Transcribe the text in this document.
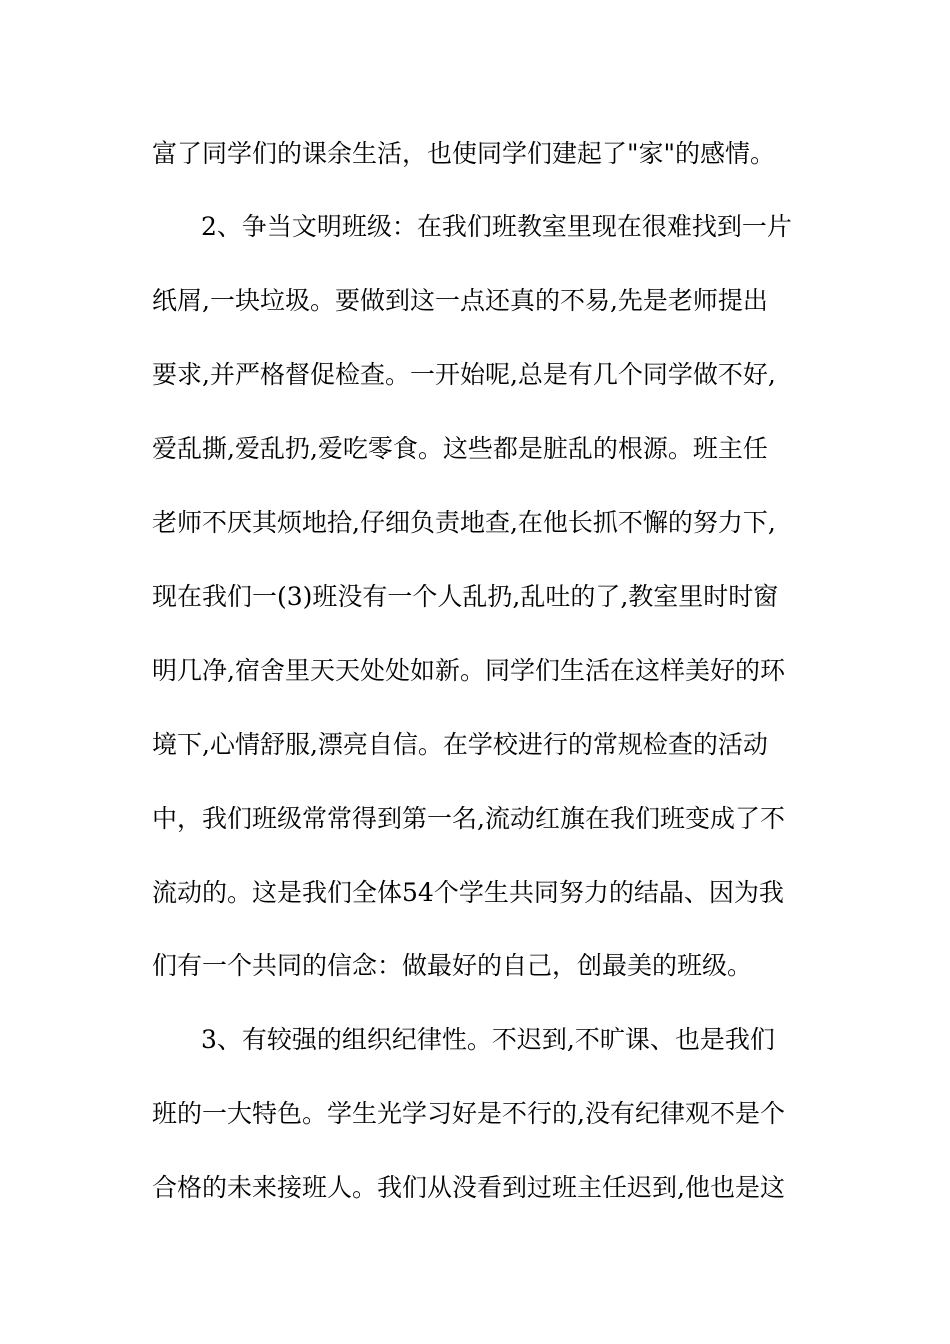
富了同学们的课余生活，也使同学们建起了"家"的感情。
2、争当文明班级：在我们班教室里现在很难找到一片
纸屑,一块垃圾。要做到这一点还真的不易,先是老师提出
要求,并严格督促检查。一开始呢,总是有几个同学做不好,
爱乱撕,爱乱扔,爱吃零食。这些都是脏乱的根源。班主任
老师不厌其烦地拾,仔细负责地查,在他长抓不懈的努力下,
现在我们一(3)班没有一个人乱扔,乱吐的了,教室里时时窗
明几净,宿舍里天天处处如新。同学们生活在这样美好的环
境下,心情舒服,漂亮自信。在学校进行的常规检查的活动
中，我们班级常常得到第一名,流动红旗在我们班变成了不
流动的。这是我们全体54个学生共同努力的结晶、因为我
们有一个共同的信念：做最好的自己，创最美的班级。
3、有较强的组织纪律性。不迟到,不旷课、也是我们
班的一大特色。学生光学习好是不行的,没有纪律观不是个
合格的未来接班人。我们从没看到过班主任迟到,他也是这
